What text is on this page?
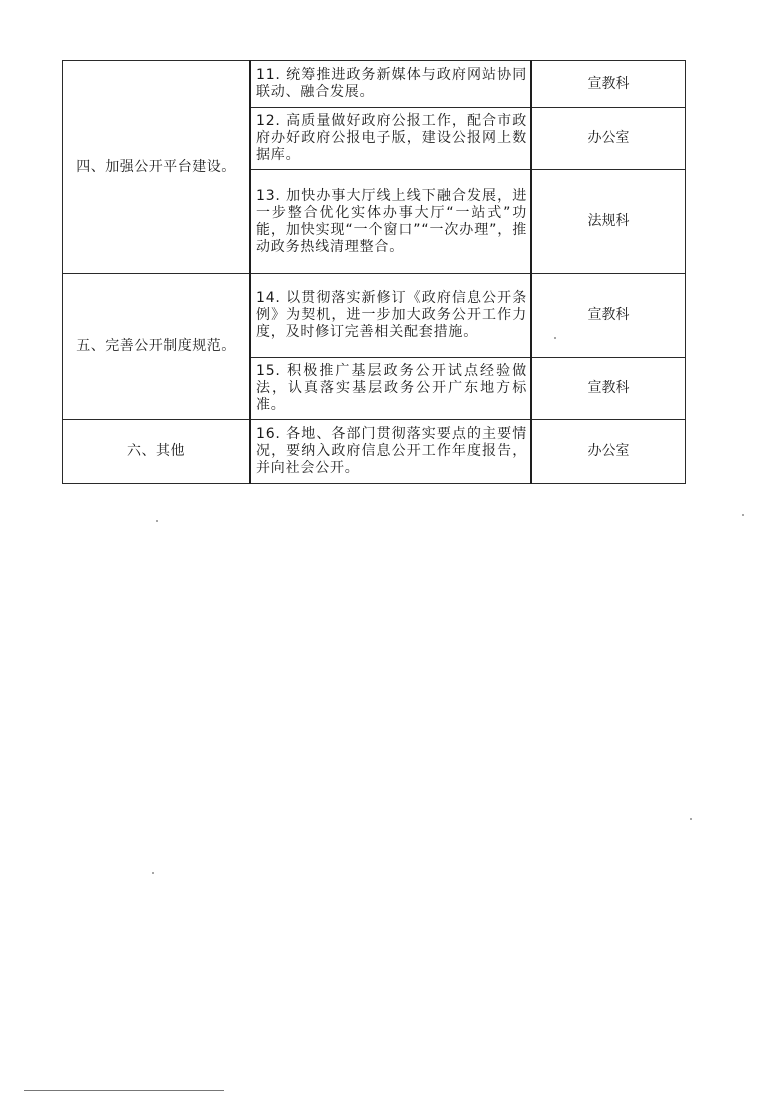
四、加强公开平台建设。	11. 统筹推进政务新媒体与政府网站协同联动、融合发展。	宣教科
	12. 高质量做好政府公报工作，配合市政府办好政府公报电子版，建设公报网上数据库。	办公室
	13. 加快办事大厅线上线下融合发展，进一步整合优化实体办事大厅“一站式”功能，加快实现“一个窗口”“一次办理”，推动政务热线清理整合。	法规科

五、完善公开制度规范。	14. 以贯彻落实新修订《政府信息公开条例》为契机，进一步加大政务公开工作力度，及时修订完善相关配套措施。	宣教科
	15. 积极推广基层政务公开试点经验做法，认真落实基层政务公开广东地方标准。	宣教科

六、其他	16. 各地、各部门贯彻落实要点的主要情况，要纳入政府信息公开工作年度报告，并向社会公开。	办公室
